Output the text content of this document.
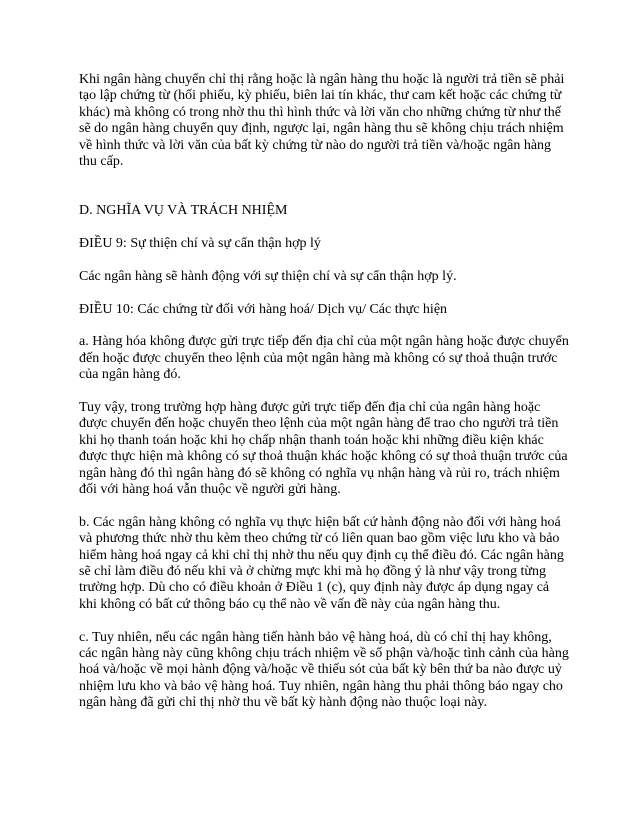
Khi ngân hàng chuyển chỉ thị rằng hoặc là ngân hàng thu hoặc là người trả tiền sẽ phải tạo lập chứng từ (hối phiếu, kỳ phiếu, biên lai tín khác, thư cam kết hoặc các chứng từ khác) mà không có trong nhờ thu thì hình thức và lời văn cho những chứng từ như thế sẽ do ngân hàng chuyển quy định, ngược lại, ngân hàng thu sẽ không chịu trách nhiệm về hình thức và lời văn của bất kỳ chứng từ nào do người trả tiền và/hoặc ngân hàng thu cấp.

D. NGHĨA VỤ VÀ TRÁCH NHIỆM

ĐIỀU 9: Sự thiện chí và sự cẩn thận hợp lý

Các ngân hàng sẽ hành động với sự thiện chí và sự cẩn thận hợp lý.

ĐIỀU 10: Các chứng từ đối với hàng hoá/ Dịch vụ/ Các thực hiện

a. Hàng hóa không được gửi trực tiếp đến địa chỉ của một ngân hàng hoặc được chuyển đến hoặc được chuyển theo lệnh của một ngân hàng mà không có sự thoả thuận trước của ngân hàng đó.

Tuy vậy, trong trường hợp hàng được gửi trực tiếp đến địa chỉ của ngân hàng hoặc được chuyển đến hoặc chuyển theo lệnh của một ngân hàng để trao cho người trả tiền khi họ thanh toán hoặc khi họ chấp nhận thanh toán hoặc khi những điều kiện khác được thực hiện mà không có sự thoả thuận khác hoặc không có sự thoả thuận trước của ngân hàng đó thì ngân hàng đó sẽ không có nghĩa vụ nhận hàng và rủi ro, trách nhiệm đối với hàng hoá vẫn thuộc về người gửi hàng.

b. Các ngân hàng không có nghĩa vụ thực hiện bất cứ hành động nào đối với hàng hoá và phương thức nhờ thu kèm theo chứng từ có liên quan bao gồm việc lưu kho và bảo hiểm hàng hoá ngay cả khi chỉ thị nhờ thu nếu quy định cụ thể điều đó. Các ngân hàng sẽ chỉ làm điều đó nếu khi và ở chừng mực khi mà họ đồng ý là như vậy trong từng trường hợp. Dù cho có điều khoản ở Điều 1 (c), quy định này được áp dụng ngay cả khi không có bất cứ thông báo cụ thể nào về vấn đề này của ngân hàng thu.

c. Tuy nhiên, nếu các ngân hàng tiến hành bảo vệ hàng hoá, dù có chỉ thị hay không, các ngân hàng này cũng không chịu trách nhiệm về số phận và/hoặc tình cảnh của hàng hoá và/hoặc về mọi hành động và/hoặc về thiếu sót của bất kỳ bên thứ ba nào được uỷ nhiệm lưu kho và bảo vệ hàng hoá. Tuy nhiên, ngân hàng thu phải thông báo ngay cho ngân hàng đã gửi chỉ thị nhờ thu về bất kỳ hành động nào thuộc loại này.
